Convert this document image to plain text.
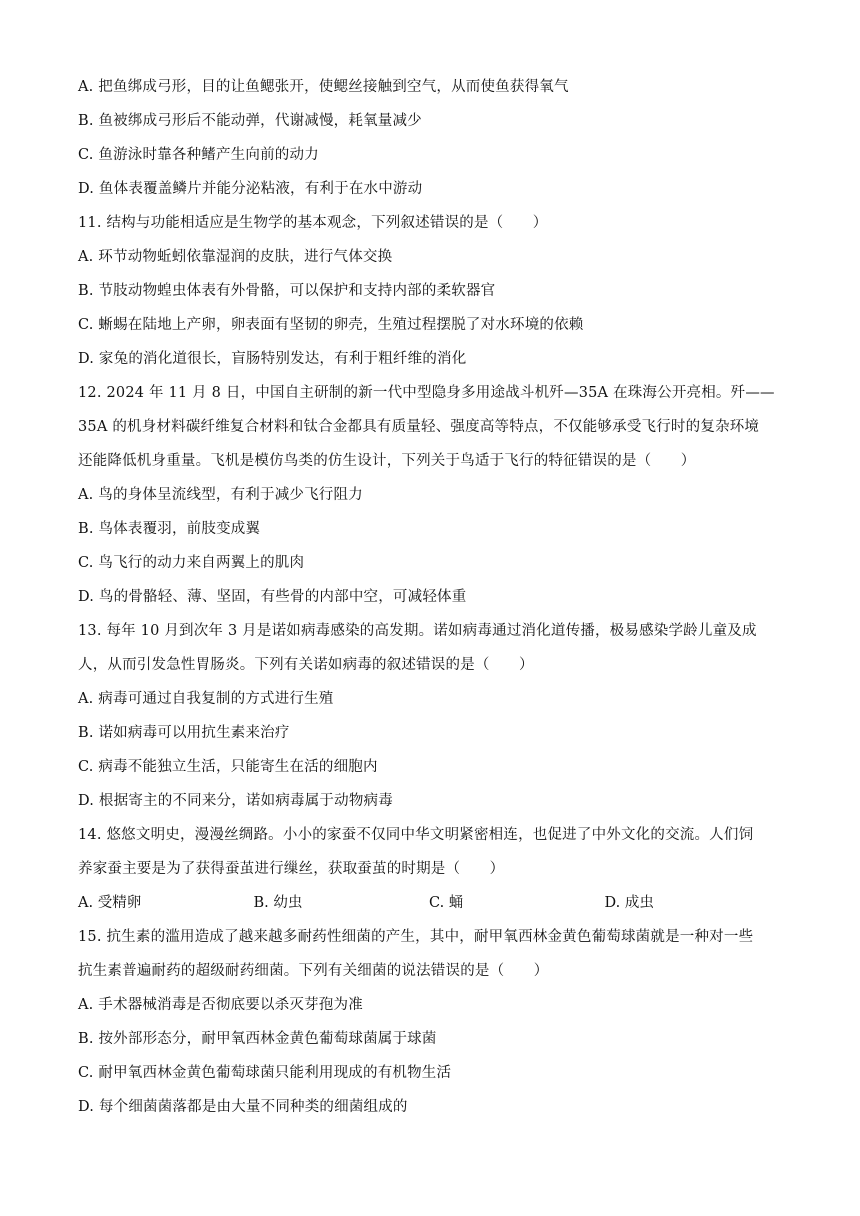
A. 把鱼绑成弓形，目的让鱼鳃张开，使鳃丝接触到空气，从而使鱼获得氧气
B. 鱼被绑成弓形后不能动弹，代谢减慢，耗氧量减少
C. 鱼游泳时靠各种鳍产生向前的动力
D. 鱼体表覆盖鳞片并能分泌粘液，有利于在水中游动
11. 结构与功能相适应是生物学的基本观念，下列叙述错误的是（　　）
A. 环节动物蚯蚓依靠湿润的皮肤，进行气体交换
B. 节肢动物蝗虫体表有外骨骼，可以保护和支持内部的柔软器官
C. 蜥蜴在陆地上产卵，卵表面有坚韧的卵壳，生殖过程摆脱了对水环境的依赖
D. 家兔的消化道很长，盲肠特别发达，有利于粗纤维的消化
12. 2024 年 11 月 8 日，中国自主研制的新一代中型隐身多用途战斗机歼—35A 在珠海公开亮相。歼——
35A 的机身材料碳纤维复合材料和钛合金都具有质量轻、强度高等特点，不仅能够承受飞行时的复杂环境
还能降低机身重量。飞机是模仿鸟类的仿生设计，下列关于鸟适于飞行的特征错误的是（　　）
A. 鸟的身体呈流线型，有利于减少飞行阻力
B. 鸟体表覆羽，前肢变成翼
C. 鸟飞行的动力来自两翼上的肌肉
D. 鸟的骨骼轻、薄、坚固，有些骨的内部中空，可减轻体重
13. 每年 10 月到次年 3 月是诺如病毒感染的高发期。诺如病毒通过消化道传播，极易感染学龄儿童及成
人，从而引发急性胃肠炎。下列有关诺如病毒的叙述错误的是（　　）
A. 病毒可通过自我复制的方式进行生殖
B. 诺如病毒可以用抗生素来治疗
C. 病毒不能独立生活，只能寄生在活的细胞内
D. 根据寄主的不同来分，诺如病毒属于动物病毒
14. 悠悠文明史，漫漫丝绸路。小小的家蚕不仅同中华文明紧密相连，也促进了中外文化的交流。人们饲
养家蚕主要是为了获得蚕茧进行缫丝，获取蚕茧的时期是（　　）
A. 受精卵	B. 幼虫	C. 蛹	D. 成虫
15. 抗生素的滥用造成了越来越多耐药性细菌的产生，其中，耐甲氧西林金黄色葡萄球菌就是一种对一些
抗生素普遍耐药的超级耐药细菌。下列有关细菌的说法错误的是（　　）
A. 手术器械消毒是否彻底要以杀灭芽孢为准
B. 按外部形态分，耐甲氧西林金黄色葡萄球菌属于球菌
C. 耐甲氧西林金黄色葡萄球菌只能利用现成的有机物生活
D. 每个细菌菌落都是由大量不同种类的细菌组成的
